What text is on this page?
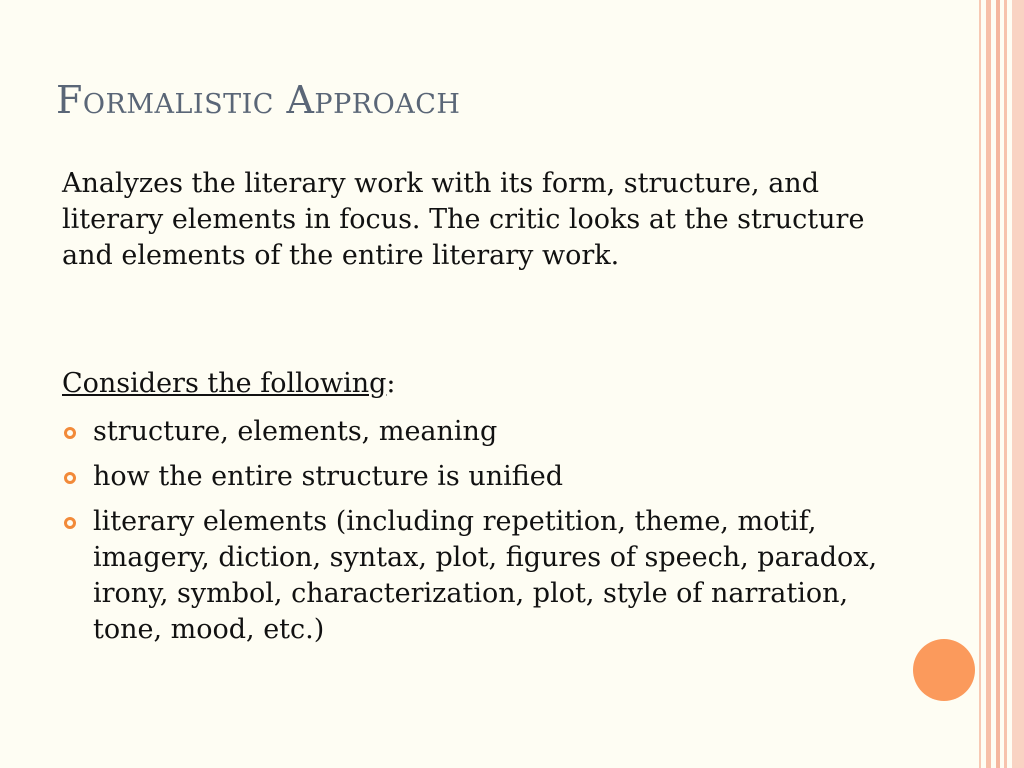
Formalistic Approach
Analyzes the literary work with its form, structure, and literary elements in focus. The critic looks at the structure and elements of the entire literary work.
Considers the following:
structure, elements, meaning
how the entire structure is unified
literary elements (including repetition, theme, motif, imagery, diction, syntax, plot, figures of speech, paradox, irony, symbol, characterization, plot, style of narration, tone, mood, etc.)
